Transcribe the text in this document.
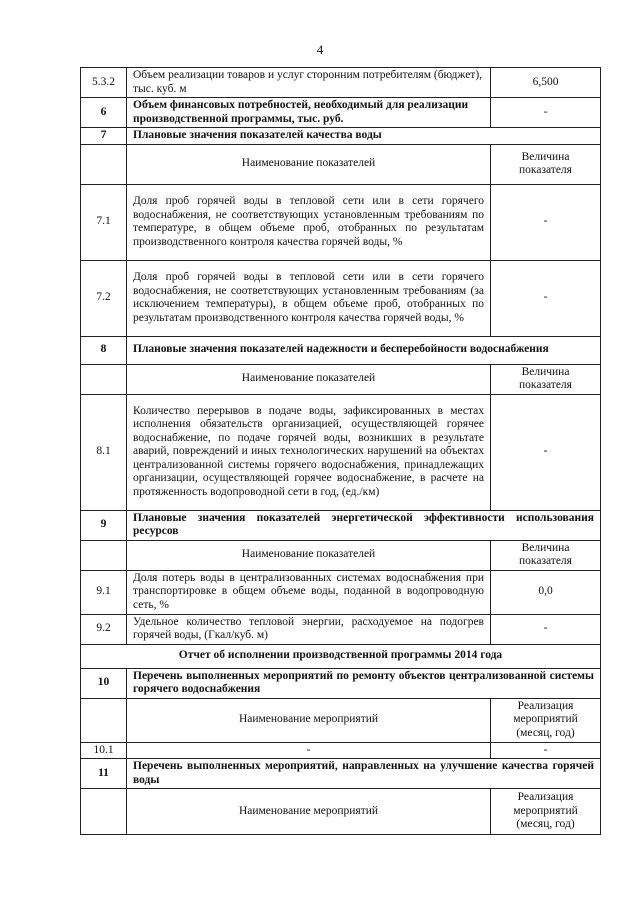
4
5.3.2	Объем реализации товаров и услуг сторонним потребителям (бюджет), тыс. куб. м	6,500
6	Объем финансовых потребностей, необходимый для реализации производственной программы, тыс. руб.	-
7	Плановые значения показателей качества воды	
	Наименование показателей	Величина показателя
7.1	Доля проб горячей воды в тепловой сети или в сети горячего водоснабжения, не соответствующих установленным требованиям по температуре, в общем объеме проб, отобранных по результатам производственного контроля качества горячей воды, %	-
7.2	Доля проб горячей воды в тепловой сети или в сети горячего водоснабжения, не соответствующих установленным требованиям (за исключением температуры), в общем объеме проб, отобранных по результатам производственного контроля качества горячей воды, %	-
8	Плановые значения показателей надежности и бесперебойности водоснабжения	
	Наименование показателей	Величина показателя
8.1	Количество перерывов в подаче воды, зафиксированных в местах исполнения обязательств организацией, осуществляющей горячее водоснабжение, по подаче горячей воды, возникших в результате аварий, повреждений и иных технологических нарушений на объектах централизованной системы горячего водоснабжения, принадлежащих организации, осуществляющей горячее водоснабжение, в расчете на протяженность водопроводной сети в год, (ед./км)	-
9	Плановые значения показателей энергетической эффективности использования ресурсов	
	Наименование показателей	Величина показателя
9.1	Доля потерь воды в централизованных системах водоснабжения при транспортировке в общем объеме воды, поданной в водопроводную сеть, %	0,0
9.2	Удельное количество тепловой энергии, расходуемое на подогрев горячей воды, (Гкал/куб. м)	-
Отчет об исполнении производственной программы 2014 года		
10	Перечень выполненных мероприятий по ремонту объектов централизованной системы горячего водоснабжения	
	Наименование мероприятий	Реализация мероприятий (месяц, год)
10.1	-	-
11	Перечень выполненных мероприятий, направленных на улучшение качества горячей воды	
	Наименование мероприятий	Реализация мероприятий (месяц, год)
